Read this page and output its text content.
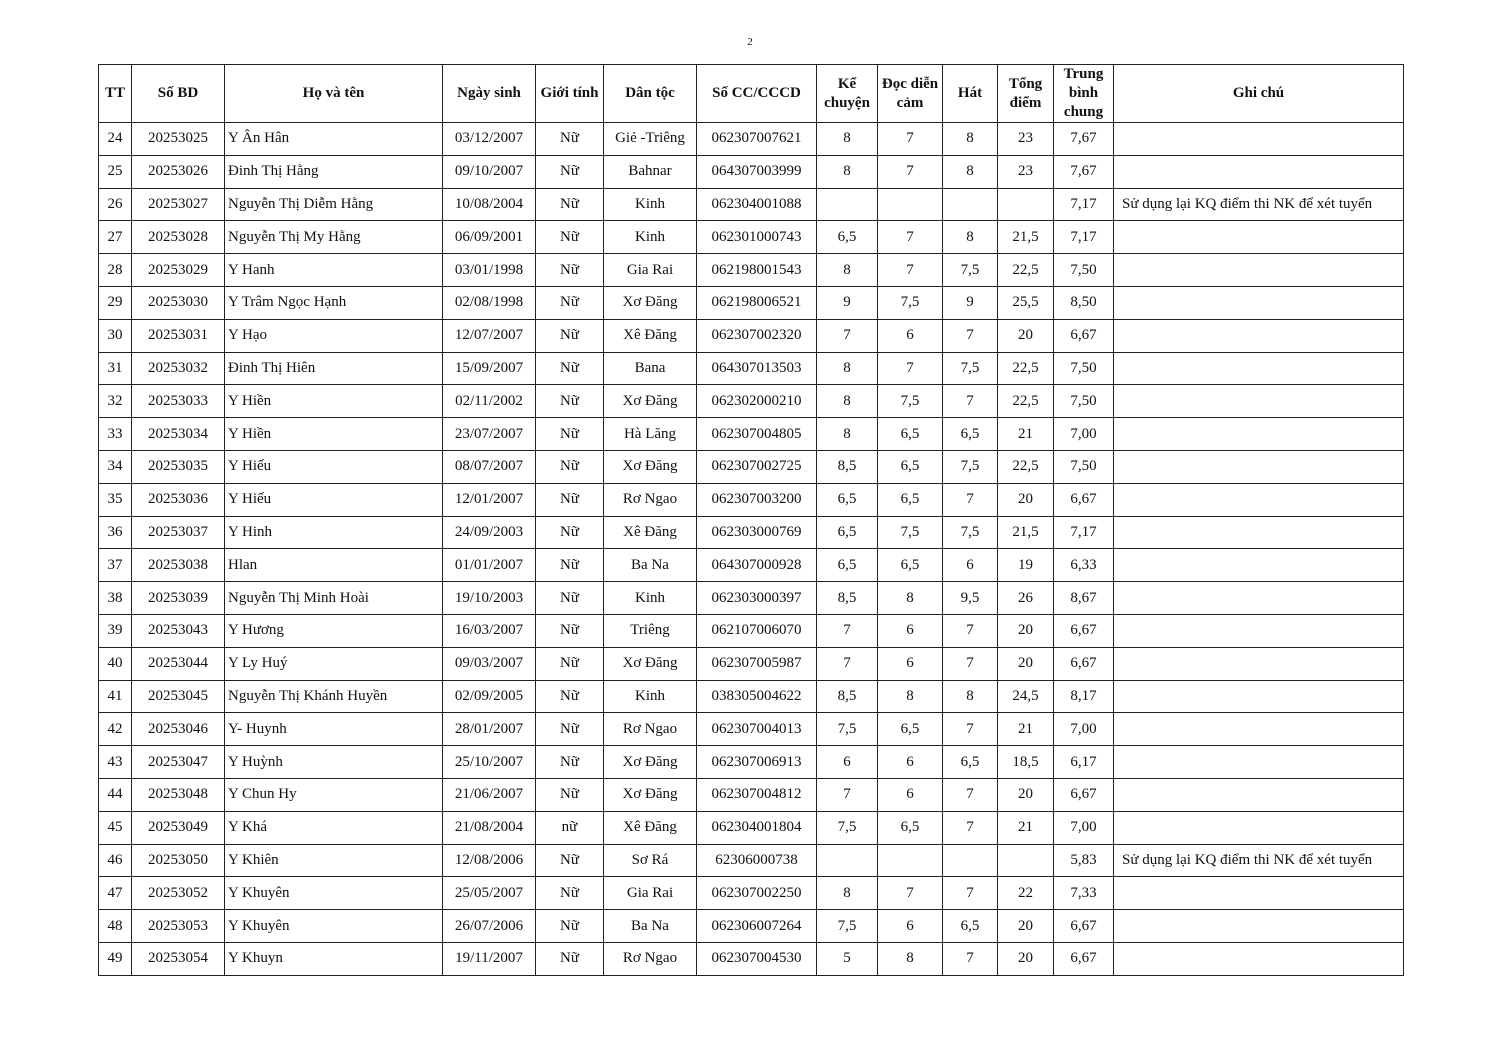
2
TT	Số BD	Họ và tên	Ngày sinh	Giới tính	Dân tộc	Số CC/CCCD	Kể chuyện	Đọc diễn cảm	Hát	Tổng điểm	Trung bình chung	Ghi chú
24	20253025	Y Ân Hân	03/12/2007	Nữ	Giẻ -Triêng	062307007621	8	7	8	23	7,67	
25	20253026	Đinh Thị Hằng	09/10/2007	Nữ	Bahnar	064307003999	8	7	8	23	7,67	
26	20253027	Nguyễn Thị Diễm Hằng	10/08/2004	Nữ	Kinh	062304001088					7,17	Sử dụng lại KQ điểm thi NK để xét tuyển
27	20253028	Nguyễn Thị My Hằng	06/09/2001	Nữ	Kinh	062301000743	6,5	7	8	21,5	7,17	
28	20253029	Y Hanh	03/01/1998	Nữ	Gia Rai	062198001543	8	7	7,5	22,5	7,50	
29	20253030	Y Trâm Ngọc Hạnh	02/08/1998	Nữ	Xơ Đăng	062198006521	9	7,5	9	25,5	8,50	
30	20253031	Y Hạo	12/07/2007	Nữ	Xê Đăng	062307002320	7	6	7	20	6,67	
31	20253032	Đinh Thị Hiên	15/09/2007	Nữ	Bana	064307013503	8	7	7,5	22,5	7,50	
32	20253033	Y Hiền	02/11/2002	Nữ	Xơ Đăng	062302000210	8	7,5	7	22,5	7,50	
33	20253034	Y Hiền	23/07/2007	Nữ	Hà Lăng	062307004805	8	6,5	6,5	21	7,00	
34	20253035	Y Hiếu	08/07/2007	Nữ	Xơ Đăng	062307002725	8,5	6,5	7,5	22,5	7,50	
35	20253036	Y Hiếu	12/01/2007	Nữ	Rơ Ngao	062307003200	6,5	6,5	7	20	6,67	
36	20253037	Y Hinh	24/09/2003	Nữ	Xê Đăng	062303000769	6,5	7,5	7,5	21,5	7,17	
37	20253038	Hlan	01/01/2007	Nữ	Ba Na	064307000928	6,5	6,5	6	19	6,33	
38	20253039	Nguyễn Thị Minh Hoài	19/10/2003	Nữ	Kinh	062303000397	8,5	8	9,5	26	8,67	
39	20253043	Y Hương	16/03/2007	Nữ	Triêng	062107006070	7	6	7	20	6,67	
40	20253044	Y Ly Huý	09/03/2007	Nữ	Xơ Đăng	062307005987	7	6	7	20	6,67	
41	20253045	Nguyễn Thị Khánh Huyền	02/09/2005	Nữ	Kinh	038305004622	8,5	8	8	24,5	8,17	
42	20253046	Y- Huynh	28/01/2007	Nữ	Rơ Ngao	062307004013	7,5	6,5	7	21	7,00	
43	20253047	Y Huỳnh	25/10/2007	Nữ	Xơ Đăng	062307006913	6	6	6,5	18,5	6,17	
44	20253048	Y Chun Hy	21/06/2007	Nữ	Xơ Đăng	062307004812	7	6	7	20	6,67	
45	20253049	Y Khá	21/08/2004	nữ	Xê Đăng	062304001804	7,5	6,5	7	21	7,00	
46	20253050	Y Khiên	12/08/2006	Nữ	Sơ Rá	62306000738					5,83	Sử dụng lại KQ điểm thi NK để xét tuyển
47	20253052	Y Khuyên	25/05/2007	Nữ	Gia Rai	062307002250	8	7	7	22	7,33	
48	20253053	Y Khuyên	26/07/2006	Nữ	Ba Na	062306007264	7,5	6	6,5	20	6,67	
49	20253054	Y Khuyn	19/11/2007	Nữ	Rơ Ngao	062307004530	5	8	7	20	6,67	
